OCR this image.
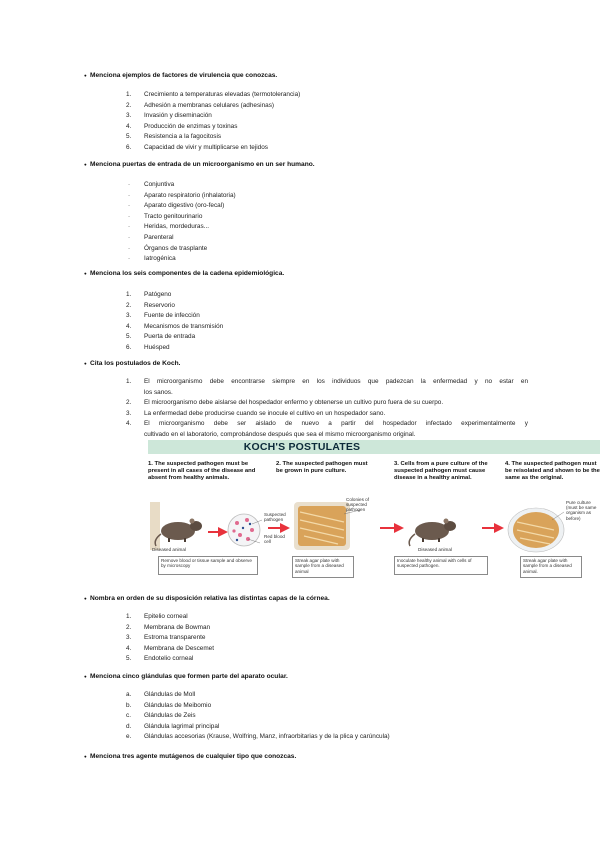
● Menciona ejemplos de factores de virulencia que conozcas.
1.	Crecimiento a temperaturas elevadas (termotolerancia)
2.	Adhesión a membranas celulares (adhesinas)
3.	Invasión y diseminación
4.	Producción de enzimas y toxinas
5.	Resistencia a la fagocitosis
6.	Capacidad de vivir y multiplicarse en tejidos
● Menciona puertas de entrada de un microorganismo en un ser humano.
-	Conjuntiva
-	Aparato respiratorio (inhalatoria)
-	Aparato digestivo (oro-fecal)
-	Tracto genitourinario
-	Heridas, mordeduras...
-	Parenteral
-	Órganos de trasplante
-	Iatrogénica
● Menciona los seis componentes de la cadena epidemiológica.
1.	Patógeno
2.	Reservorio
3.	Fuente de infección
4.	Mecanismos de transmisión
5.	Puerta de entrada
6.	Huésped
● Cita los postulados de Koch.
1. El microorganismo debe encontrarse siempre en los individuos que padezcan la enfermedad y no estar en
los sanos.
2. El microorganismo debe aislarse del hospedador enfermo y obtenerse un cultivo puro fuera de su cuerpo.
3. La enfermedad debe producirse cuando se inocule el cultivo en un hospedador sano.
4. El microorganismo debe ser aislado de nuevo a partir del hospedador infectado experimentalmente y
cultivado en el laboratorio, comprobándose después que sea el mismo microorganismo original.
KOCH'S POSTULATES
1. The suspected pathogen must be present in all cases of the disease and absent from healthy animals.
2. The suspected pathogen must be grown in pure culture.
3. Cells from a pure culture of the suspected pathogen must cause disease in a healthy animal.
4. The suspected pathogen must be reisolated and shown to be the same as the original.
Suspected pathogen
Red blood cell
Colonies of suspected pathogen
Pure culture (must be same organism as before)
Diseased animal	Diseased animal
Remove blood or tissue sample and observe by microscopy
Streak agar plate with sample from a diseased animal
Inoculate healthy animal with cells of suspected pathogen.
Streak agar plate with sample from a diseased animal.
● Nombra en orden de su disposición relativa las distintas capas de la córnea.
1.	Epitelio corneal
2.	Membrana de Bowman
3.	Estroma transparente
4.	Membrana de Descemet
5.	Endotelio corneal
● Menciona cinco glándulas que formen parte del aparato ocular.
a.	Glándulas de Moll
b.	Glándulas de Meibomio
c.	Glándulas de Zeis
d.	Glándula lagrimal principal
e.	Glándulas accesorias (Krause, Wolfring, Manz, infraorbitarias y de la plica y carúncula)
● Menciona tres agente mutágenos de cualquier tipo que conozcas.
